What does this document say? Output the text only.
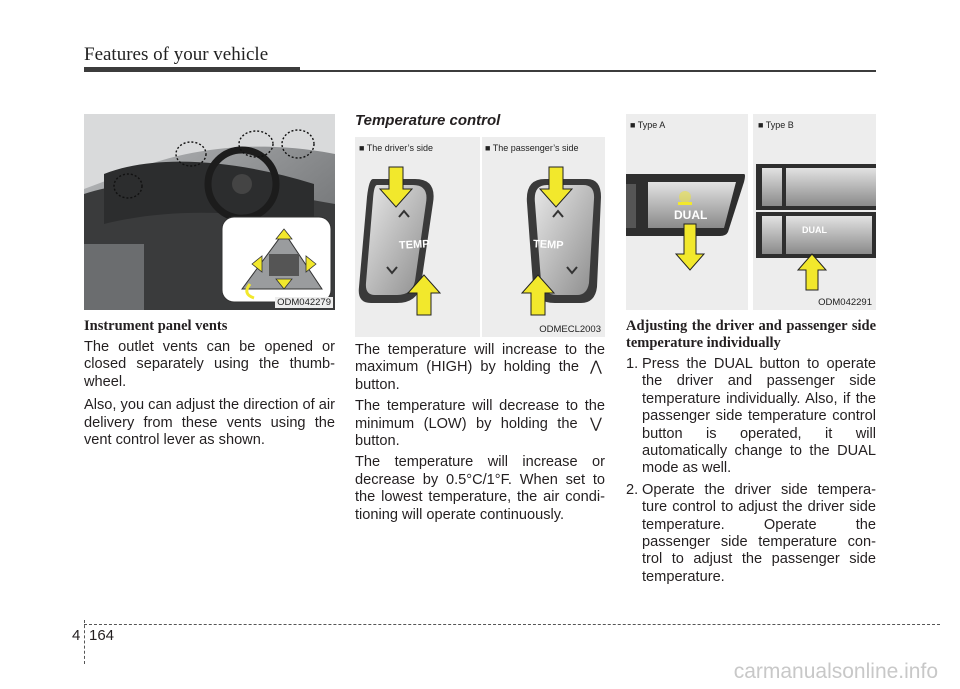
Features of your vehicle
ODM042279
Instrument panel vents

The outlet vents can be opened or closed separately using the thumb-wheel.

Also, you can adjust the direction of air delivery from these vents using the vent control lever as shown.

Temperature control
■ The driver’s side	■ The passenger’s side
TEMP	TEMP
ODMECL2003

The temperature will increase to the maximum (HIGH) by holding the ⋀ button.

The temperature will decrease to the minimum (LOW) by holding the ⋁ button.

The temperature will increase or decrease by 0.5°C/1°F. When set to the lowest temperature, the air condi-tioning will operate continuously.

■ Type A	■ Type B
DUAL
DUAL
ODM042291
Adjusting the driver and passenger side temperature individually
1. Press the DUAL button to operate the driver and passenger side temperature individually. Also, if the passenger side temperature control button is operated, it will automatically change to the DUAL mode as well.
2. Operate the driver side tempera-ture control to adjust the driver side temperature. Operate the passenger side temperature con-trol to adjust the passenger side temperature.
4 164
carmanualsonline.info
